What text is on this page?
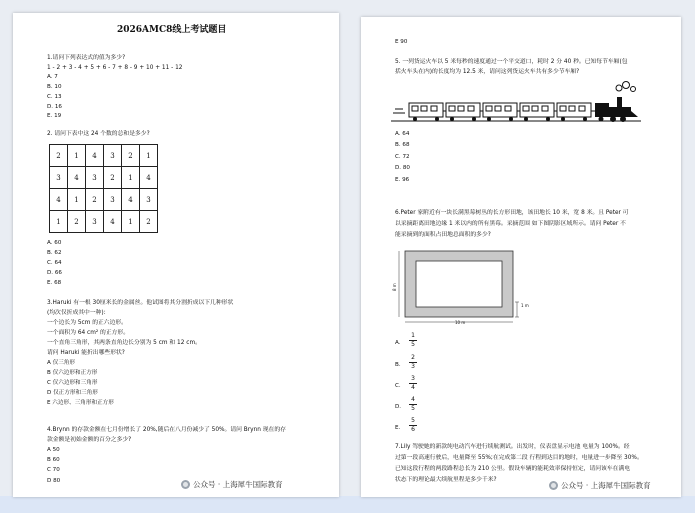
2026AMC8线上考试题目
1.请问下列表达式的值为多少?
1 - 2 + 3 - 4 + 5 + 6 - 7 + 8 - 9 + 10 + 11 - 12
A. 7
B. 10
C. 13
D. 16
E. 19
2. 请问下表中这 24 个数的总和是多少?
2	1	4	3	2	1
3	4	3	2	1	4
4	1	2	3	4	3
1	2	3	4	1	2
A. 60
B. 62
C. 64
D. 66
E. 68
3.Haruki 有一根 30厘米长的金属丝。他试图将其分割折成以下几种形状
(均次仅折成其中一种):
一个边长为 5cm 的正六边形。
一个面积为 64 cm² 的正方形。
一个直角三角形，其两条直角边长分别为 5 cm 和 12 cm。
请问 Haruki 能折出哪些形状?
A 仅三角形
B 仅六边形和正方形
C 仅六边形和三角形
D 仅正方形和三角形
E 六边形、三角形和正方形
4.Brynn 的存款金额在七月份增长了 20%,随后在八月份减少了 50%。请问 Brynn 现在的存
款金额是初始金额的百分之多少?
A 50
B 60
C 70
D 80	公众号 · 上海犀牛国际教育
E 90
5. 一列货运火车以 5 米每秒的速度通过一个平交道口，耗时 2 分 40 秒。已知每节车厢(包
括火车头在内)的长度均为 12.5 米，请问这列货运火车共有多少节车厢?
A. 64
B. 68
C. 72
D. 80
E. 96
6.Peter 家附近有一块长满黑莓树丛的长方形田地，该田地长 10 米，宽 8 米。且 Peter 可
以采摘距离田地边缘 1 米以内的所有黑莓。采摘范围 如下图阴影区域所示。请问 Peter 不
能采摘到的面积占田地总面积的多少?
8 m
1 m
10 m
A.
1
5
B.
2
3
C.
3
4
D.
4
5
E.
5
6
7.Lily 驾驶她的新款纯电动汽车进行续航测试。出发时，仪表盘显示电池 电量为 100%。经
过第一段高速行驶后，电量降至 55%;在完成第二段 行程到达目的地时，电量进一步降至 30%。
已知这段行程的两段路程总长为 210 公里。假设车辆的能耗效率保持恒定，请问该车在满电
状态下的理论最大续航里程是多少千米?
公众号 · 上海犀牛国际教育
